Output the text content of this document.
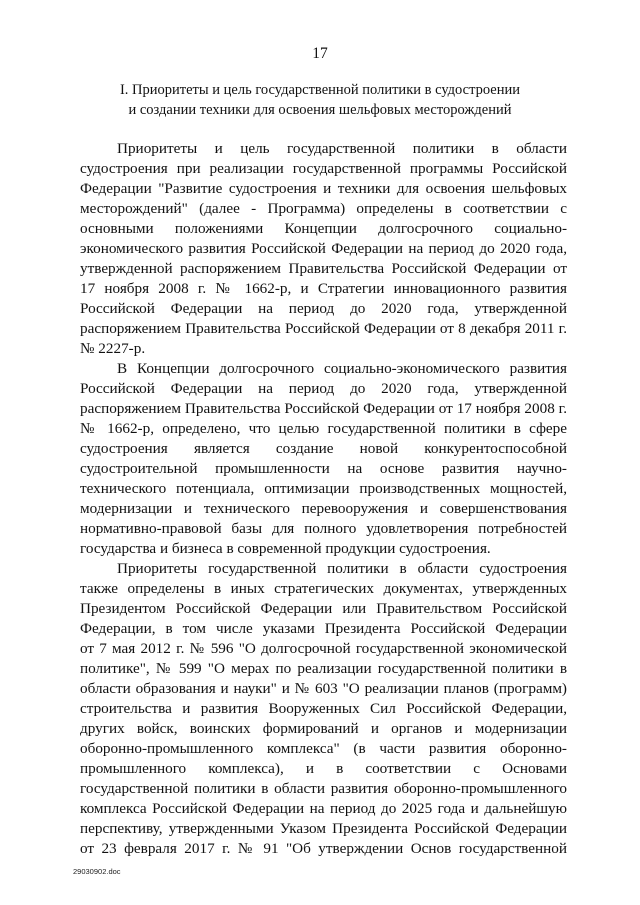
17
I. Приоритеты и цель государственной политики в судостроении
и создании техники для освоения шельфовых месторождений
Приоритеты и цель государственной политики в области
судостроения при реализации государственной программы Российской
Федерации "Развитие судостроения и техники для освоения шельфовых
месторождений" (далее - Программа) определены в соответствии с
основными положениями Концепции долгосрочного социально-
экономического развития Российской Федерации на период до 2020 года,
утвержденной распоряжением Правительства Российской Федерации от
17 ноября 2008 г. № 1662-р, и Стратегии инновационного развития
Российской Федерации на период до 2020 года, утвержденной
распоряжением Правительства Российской Федерации от 8 декабря 2011 г.
№ 2227-р.
В Концепции долгосрочного социально-экономического развития
Российской Федерации на период до 2020 года, утвержденной
распоряжением Правительства Российской Федерации от 17 ноября 2008 г.
№ 1662-р, определено, что целью государственной политики в сфере
судостроения является создание новой конкурентоспособной
судостроительной промышленности на основе развития научно-
технического потенциала, оптимизации производственных мощностей,
модернизации и технического перевооружения и совершенствования
нормативно-правовой базы для полного удовлетворения потребностей
государства и бизнеса в современной продукции судостроения.
Приоритеты государственной политики в области судостроения
также определены в иных стратегических документах, утвержденных
Президентом Российской Федерации или Правительством Российской
Федерации, в том числе указами Президента Российской Федерации
от 7 мая 2012 г. № 596 "О долгосрочной государственной экономической
политике", № 599 "О мерах по реализации государственной политики в
области образования и науки" и № 603 "О реализации планов (программ)
строительства и развития Вооруженных Сил Российской Федерации,
других войск, воинских формирований и органов и модернизации
оборонно-промышленного комплекса" (в части развития оборонно-
промышленного комплекса), и в соответствии с Основами
государственной политики в области развития оборонно-промышленного
комплекса Российской Федерации на период до 2025 года и дальнейшую
перспективу, утвержденными Указом Президента Российской Федерации
от 23 февраля 2017 г. № 91 "Об утверждении Основ государственной
29030902.doc
